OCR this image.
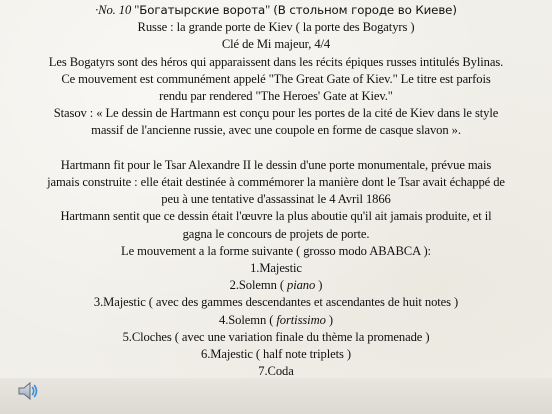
·No. 10 "Богатырские ворота" (В стольном городе во Киеве)
Russe : la grande porte de Kiev ( la porte des Bogatyrs )
Clé de Mi majeur, 4/4
Les Bogatyrs sont des héros qui apparaissent dans les récits épiques russes intitulés Bylinas.
Ce mouvement est communément appelé "The Great Gate of Kiev." Le titre est parfois
rendu par rendered "The Heroes' Gate at Kiev."
Stasov : « Le dessin de Hartmann est conçu pour les portes de la cité de Kiev dans le style
massif de l'ancienne russie, avec une coupole en forme de casque slavon ».
Hartmann fit pour le Tsar Alexandre II le dessin d'une porte monumentale, prévue mais
jamais construite : elle était destinée à commémorer la manière dont le Tsar avait échappé de
peu à une tentative d'assassinat le 4 Avril 1866
Hartmann sentit que ce dessin était l'œuvre la plus aboutie qu'il ait jamais produite, et il
gagna le concours de projets de porte.
Le mouvement a la forme suivante ( grosso modo ABABCA ):
1.Majestic
2.Solemn ( piano )
3.Majestic ( avec des gammes descendantes et ascendantes de huit notes )
4.Solemn ( fortissimo )
5.Cloches ( avec une variation finale du thème la promenade )
6.Majestic ( half note triplets )
7.Coda
